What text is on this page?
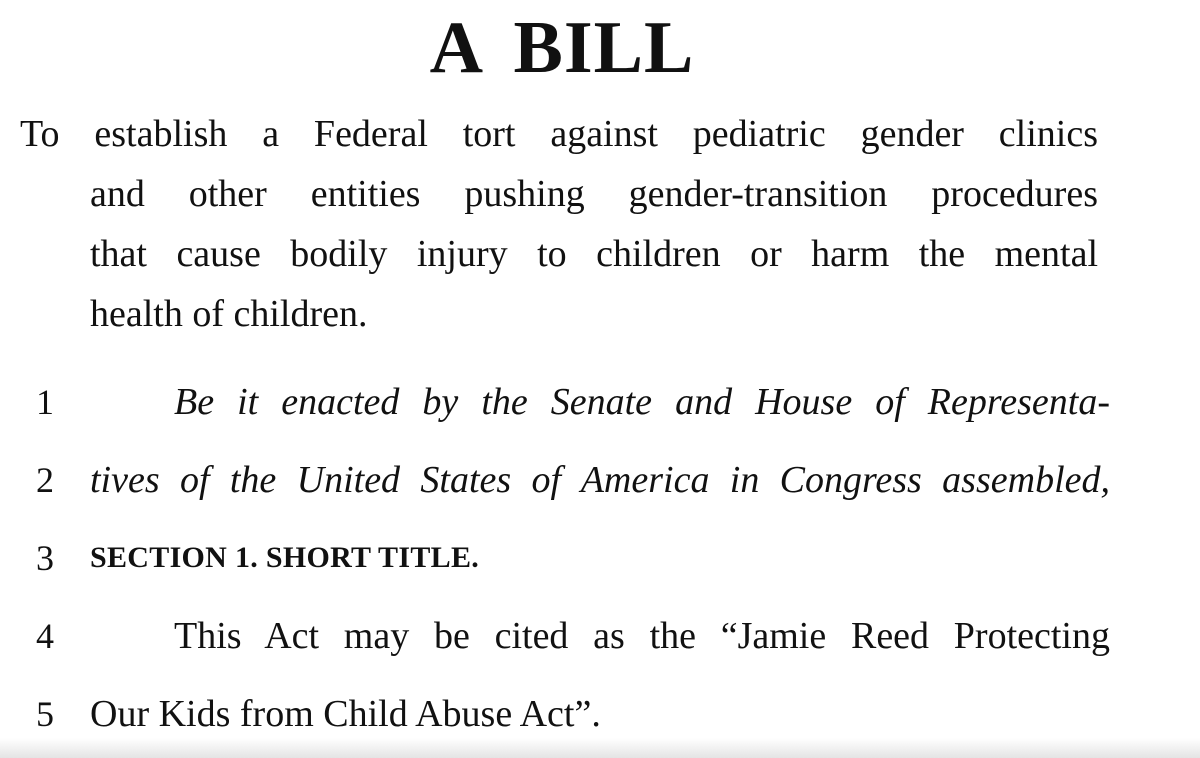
A BILL
To establish a Federal tort against pediatric gender clinics
and other entities pushing gender-transition procedures
that cause bodily injury to children or harm the mental
health of children.
1	Be it enacted by the Senate and House of Representa-
2 tives of the United States of America in Congress assembled,
3	SECTION 1. SHORT TITLE.
4	This Act may be cited as the “Jamie Reed Protecting
5 Our Kids from Child Abuse Act”.
